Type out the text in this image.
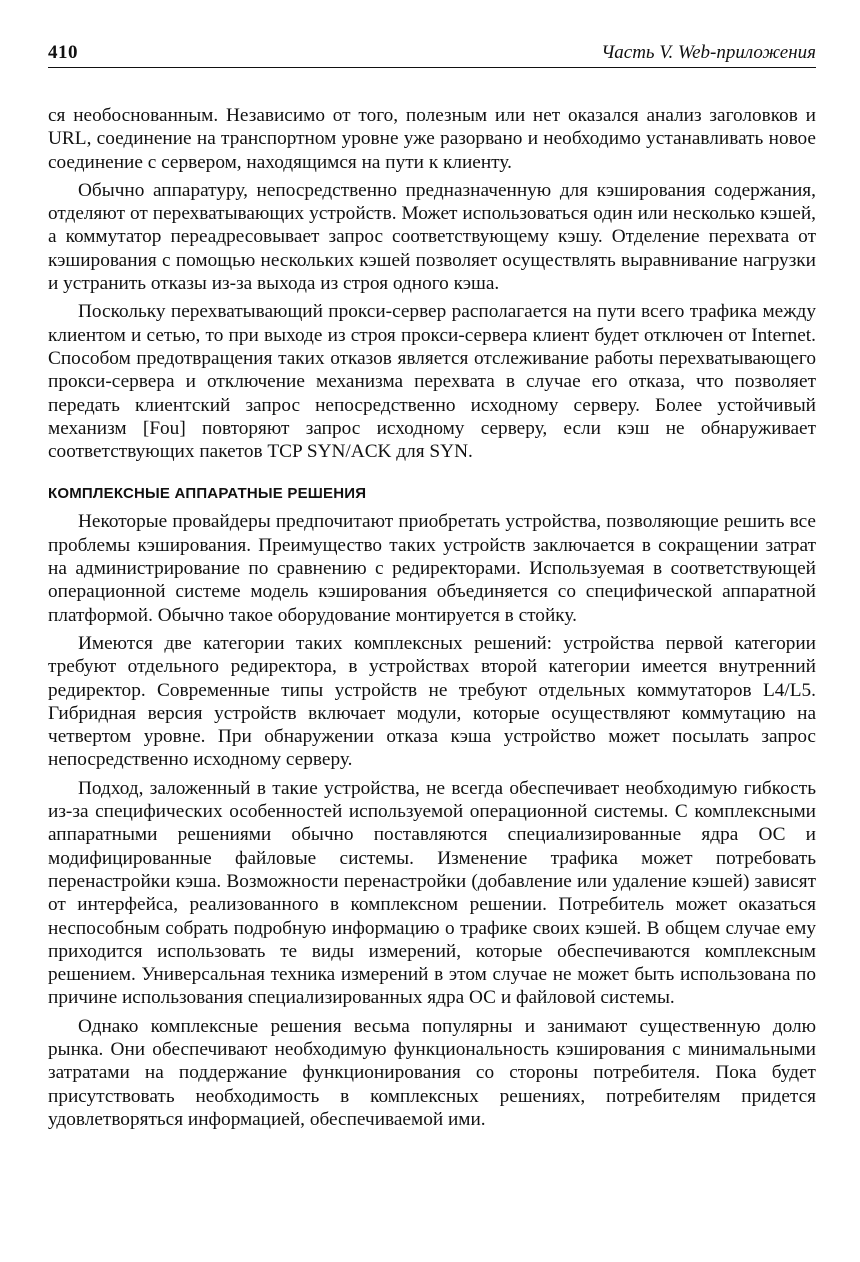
410	Часть V. Web-приложения

ся необоснованным. Независимо от того, полезным или нет оказался анализ заголовков и URL, соединение на транспортном уровне уже разорвано и необходимо устанавливать новое соединение с сервером, находящимся на пути к клиенту.

Обычно аппаратуру, непосредственно предназначенную для кэширования содержания, отделяют от перехватывающих устройств. Может использоваться один или несколько кэшей, а коммутатор переадресовывает запрос соответствующему кэшу. Отделение перехвата от кэширования с помощью нескольких кэшей позволяет осуществлять выравнивание нагрузки и устранить отказы из-за выхода из строя одного кэша.

Поскольку перехватывающий прокси-сервер располагается на пути всего трафика между клиентом и сетью, то при выходе из строя прокси-сервера клиент будет отключен от Internet. Способом предотвращения таких отказов является отслеживание работы перехватывающего прокси-сервера и отключение механизма перехвата в случае его отказа, что позволяет передать клиентский запрос непосредственно исходному серверу. Более устойчивый механизм [Fou] повторяют запрос исходному серверу, если кэш не обнаруживает соответствующих пакетов TCP SYN/ACK для SYN.

КОМПЛЕКСНЫЕ АППАРАТНЫЕ РЕШЕНИЯ

Некоторые провайдеры предпочитают приобретать устройства, позволяющие решить все проблемы кэширования. Преимущество таких устройств заключается в сокращении затрат на администрирование по сравнению с редиректорами. Используемая в соответствующей операционной системе модель кэширования объединяется со специфической аппаратной платформой. Обычно такое оборудование монтируется в стойку.

Имеются две категории таких комплексных решений: устройства первой категории требуют отдельного редиректора, в устройствах второй категории имеется внутренний редиректор. Современные типы устройств не требуют отдельных коммутаторов L4/L5. Гибридная версия устройств включает модули, которые осуществляют коммутацию на четвертом уровне. При обнаружении отказа кэша устройство может посылать запрос непосредственно исходному серверу.

Подход, заложенный в такие устройства, не всегда обеспечивает необходимую гибкость из-за специфических особенностей используемой операционной системы. С комплексными аппаратными решениями обычно поставляются специализированные ядра ОС и модифицированные файловые системы. Изменение трафика может потребовать перенастройки кэша. Возможности перенастройки (добавление или удаление кэшей) зависят от интерфейса, реализованного в комплексном решении. Потребитель может оказаться неспособным собрать подробную информацию о трафике своих кэшей. В общем случае ему приходится использовать те виды измерений, которые обеспечиваются комплексным решением. Универсальная техника измерений в этом случае не может быть использована по причине использования специализированных ядра ОС и файловой системы.

Однако комплексные решения весьма популярны и занимают существенную долю рынка. Они обеспечивают необходимую функциональность кэширования с минимальными затратами на поддержание функционирования со стороны потребителя. Пока будет присутствовать необходимость в комплексных решениях, потребителям придется удовлетворяться информацией, обеспечиваемой ими.
